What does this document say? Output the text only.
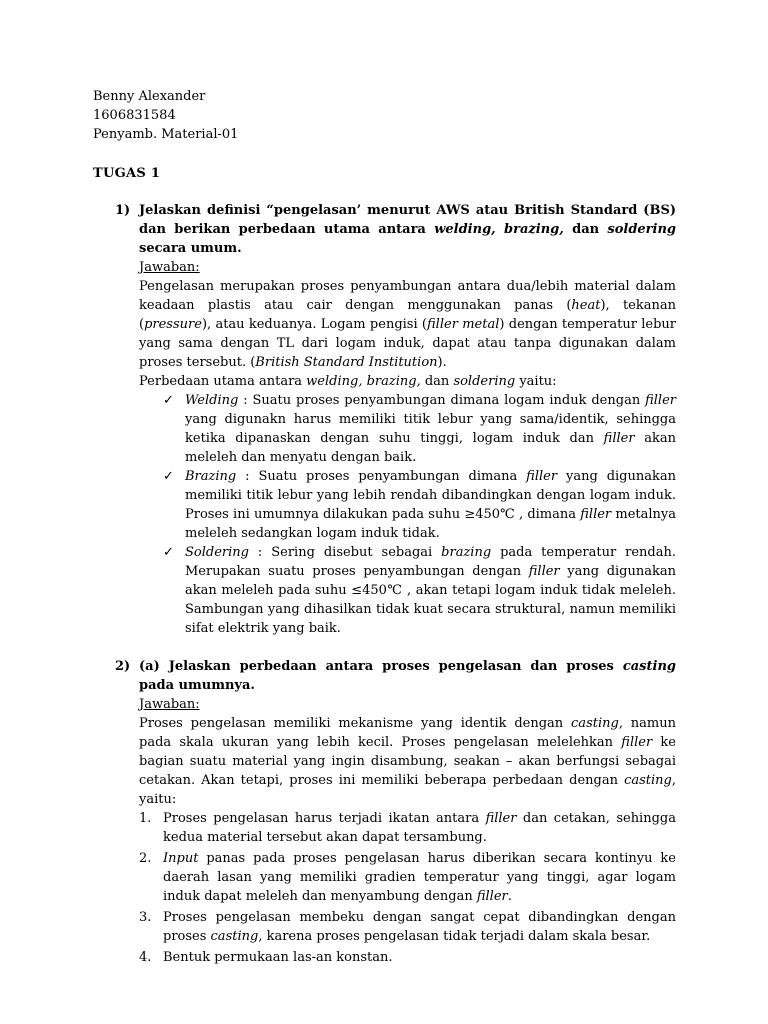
Benny Alexander
1606831584
Penyamb. Material-01
TUGAS 1
1) Jelaskan definisi “pengelasan’ menurut AWS atau British Standard (BS) dan berikan perbedaan utama antara welding, brazing, dan soldering secara umum.
Jawaban:
Pengelasan merupakan proses penyambungan antara dua/lebih material dalam keadaan plastis atau cair dengan menggunakan panas (heat), tekanan (pressure), atau keduanya. Logam pengisi (filler metal) dengan temperatur lebur yang sama dengan TL dari logam induk, dapat atau tanpa digunakan dalam proses tersebut. (British Standard Institution).
Perbedaan utama antara welding, brazing, dan soldering yaitu:
✓ Welding : Suatu proses penyambungan dimana logam induk dengan filler yang digunakn harus memiliki titik lebur yang sama/identik, sehingga ketika dipanaskan dengan suhu tinggi, logam induk dan filler akan meleleh dan menyatu dengan baik.
✓ Brazing : Suatu proses penyambungan dimana filler yang digunakan memiliki titik lebur yang lebih rendah dibandingkan dengan logam induk. Proses ini umumnya dilakukan pada suhu ≥450℃ , dimana filler metalnya meleleh sedangkan logam induk tidak.
✓ Soldering : Sering disebut sebagai brazing pada temperatur rendah. Merupakan suatu proses penyambungan dengan filler yang digunakan akan meleleh pada suhu ≤450℃ , akan tetapi logam induk tidak meleleh. Sambungan yang dihasilkan tidak kuat secara struktural, namun memiliki sifat elektrik yang baik.
2) (a) Jelaskan perbedaan antara proses pengelasan dan proses casting pada umumnya.
Jawaban:
Proses pengelasan memiliki mekanisme yang identik dengan casting, namun pada skala ukuran yang lebih kecil. Proses pengelasan melelehkan filler ke bagian suatu material yang ingin disambung, seakan – akan berfungsi sebagai cetakan. Akan tetapi, proses ini memiliki beberapa perbedaan dengan casting, yaitu:
1. Proses pengelasan harus terjadi ikatan antara filler dan cetakan, sehingga kedua material tersebut akan dapat tersambung.
2. Input panas pada proses pengelasan harus diberikan secara kontinyu ke daerah lasan yang memiliki gradien temperatur yang tinggi, agar logam induk dapat meleleh dan menyambung dengan filler.
3. Proses pengelasan membeku dengan sangat cepat dibandingkan dengan proses casting, karena proses pengelasan tidak terjadi dalam skala besar.
4. Bentuk permukaan las-an konstan.
